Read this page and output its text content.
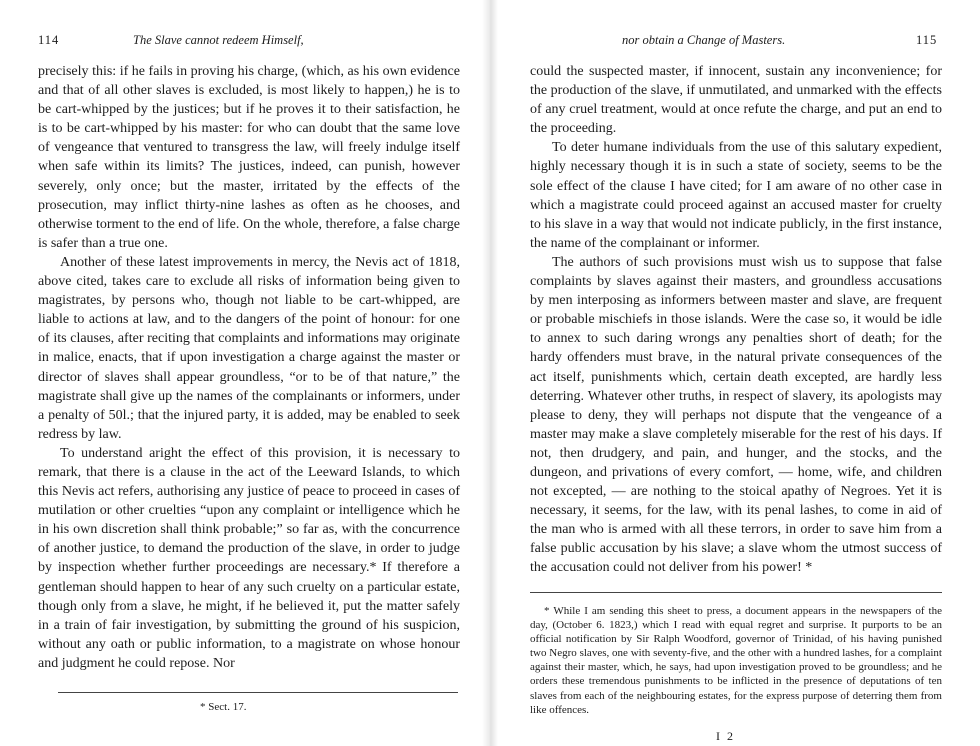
114	The Slave cannot redeem Himself,

precisely this: if he fails in proving his charge, (which, as his own evidence and that of all other slaves is excluded, is most likely to happen,) he is to be cart-whipped by the justices; but if he proves it to their satisfaction, he is to be cart-whipped by his master: for who can doubt that the same love of vengeance that ventured to transgress the law, will freely indulge itself when safe within its limits? The justices, indeed, can punish, however severely, only once; but the master, irritated by the effects of the prosecution, may inflict thirty-nine lashes as often as he chooses, and otherwise torment to the end of life. On the whole, therefore, a false charge is safer than a true one.

Another of these latest improvements in mercy, the Nevis act of 1818, above cited, takes care to exclude all risks of information being given to magistrates, by persons who, though not liable to be cart-whipped, are liable to actions at law, and to the dangers of the point of honour: for one of its clauses, after reciting that complaints and informations may originate in malice, enacts, that if upon investigation a charge against the master or director of slaves shall appear groundless, “or to be of that nature,” the magistrate shall give up the names of the complainants or informers, under a penalty of 50l.; that the injured party, it is added, may be enabled to seek redress by law.

To understand aright the effect of this provision, it is necessary to remark, that there is a clause in the act of the Leeward Islands, to which this Nevis act refers, authorising any justice of peace to proceed in cases of mutilation or other cruelties “upon any complaint or intelligence which he in his own discretion shall think probable;” so far as, with the concurrence of another justice, to demand the production of the slave, in order to judge by inspection whether further proceedings are necessary.* If therefore a gentleman should happen to hear of any such cruelty on a particular estate, though only from a slave, he might, if he believed it, put the matter safely in a train of fair investigation, by submitting the ground of his suspicion, without any oath or public information, to a magistrate on whose honour and judgment he could repose. Nor

* Sect. 17.
nor obtain a Change of Masters.	115

could the suspected master, if innocent, sustain any inconvenience; for the production of the slave, if unmutilated, and unmarked with the effects of any cruel treatment, would at once refute the charge, and put an end to the proceeding.

To deter humane individuals from the use of this salutary expedient, highly necessary though it is in such a state of society, seems to be the sole effect of the clause I have cited; for I am aware of no other case in which a magistrate could proceed against an accused master for cruelty to his slave in a way that would not indicate publicly, in the first instance, the name of the complainant or informer.

The authors of such provisions must wish us to suppose that false complaints by slaves against their masters, and groundless accusations by men interposing as informers between master and slave, are frequent or probable mischiefs in those islands. Were the case so, it would be idle to annex to such daring wrongs any penalties short of death; for the hardy offenders must brave, in the natural private consequences of the act itself, punishments which, certain death excepted, are hardly less deterring. Whatever other truths, in respect of slavery, its apologists may please to deny, they will perhaps not dispute that the vengeance of a master may make a slave completely miserable for the rest of his days. If not, then drudgery, and pain, and hunger, and the stocks, and the dungeon, and privations of every comfort, — home, wife, and children not excepted, — are nothing to the stoical apathy of Negroes. Yet it is necessary, it seems, for the law, with its penal lashes, to come in aid of the man who is armed with all these terrors, in order to save him from a false public accusation by his slave; a slave whom the utmost success of the accusation could not deliver from his power! *

* While I am sending this sheet to press, a document appears in the newspapers of the day, (October 6. 1823,) which I read with equal regret and surprise. It purports to be an official notification by Sir Ralph Woodford, governor of Trinidad, of his having punished two Negro slaves, one with seventy-five, and the other with a hundred lashes, for a complaint against their master, which, he says, had upon investigation proved to be groundless; and he orders these tremendous punishments to be inflicted in the presence of deputations of ten slaves from each of the neighbouring estates, for the express purpose of deterring them from like offences.

I 2
